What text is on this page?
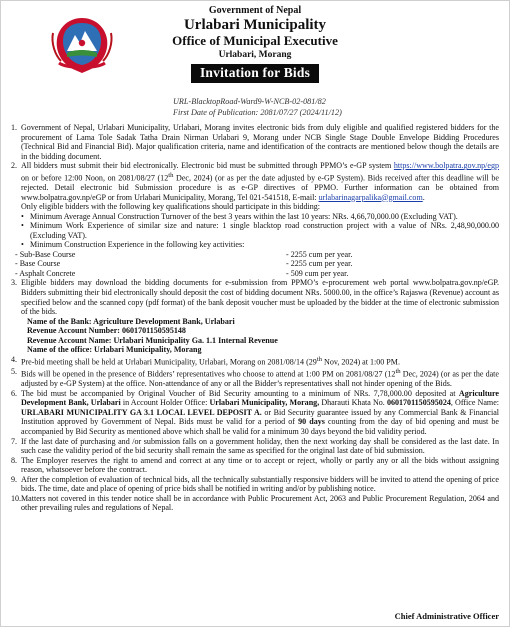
Government of Nepal
Urlabari Municipality
Office of Municipal Executive
Urlabari, Morang
Invitation for Bids
URL-BlacktopRoad-Ward9-W-NCB-02-081/82
First Date of Publication: 2081/07/27 (2024/11/12)

1. Government of Nepal, Urlabari Municipality, Urlabari, Morang invites electronic bids from duly eligible and qualified registered bidders for the procurement of Lama Tole Sadak Tatha Drain Nirman Urlabari 9, Morang under NCB Single Stage Double Envelope Bidding Procedures (Technical Bid and Financial Bid). Major qualification criteria, name and identification of the contracts are mentioned below though the details are in the bidding document.

2. All bidders must submit their bid electronically. Electronic bid must be submitted through PPMO’s e-GP system https://www.bolpatra.gov.np/egp on or before 12:00 Noon, on 2081/08/27 (12th Dec, 2024) (or as per the date adjusted by e-GP System). Bids received after this deadline will be rejected. Detail electronic bid Submission procedure is as e-GP directives of PPMO. Further information can be obtained from www.bolpatra.gov.np/eGP or from Urlabari Municipality, Morang, Tel 021-541518, E-mail: urlabarinagarpalika@gmail.com.

Only eligible bidders with the following key qualifications should participate in this bidding:

• Minimum Average Annual Construction Turnover of the best 3 years within the last 10 years: NRs. 4,66,70,000.00 (Excluding VAT).

• Minimum Work Experience of similar size and nature: 1 single blacktop road construction project with a value of NRs. 2,48,90,000.00 (Excluding VAT).

• Minimum Construction Experience in the following key activities:

- Sub-Base Course	- 2255 cum per year.
- Base Course	- 2255 cum per year.
- Asphalt Concrete	- 509 cum per year.

3. Eligible bidders may download the bidding documents for e-submission from PPMO’s e-procurement web portal www.bolpatra.gov.np/eGP. Bidders submitting their bid electronically should deposit the cost of bidding document NRs. 5000.00, in the office’s Rajaswa (Revenue) account as specified below and the scanned copy (pdf format) of the bank deposit voucher must be uploaded by the bidder at the time of electronic submission of the bids.

Name of the Bank: Agriculture Development Bank, Urlabari

Revenue Account Number: 0601701150595148

Revenue Account Name: Urlabari Municipality Ga. 1.1 Internal Revenue

Name of the office: Urlabari Municipality, Morang

4. Pre-bid meeting shall be held at Urlabari Municipality, Urlabari, Morang on 2081/08/14 (29th Nov, 2024) at 1:00 PM.

5. Bids will be opened in the presence of Bidders’ representatives who choose to attend at 1:00 PM on 2081/08/27 (12th Dec, 2024) (or as per the date adjusted by e-GP System) at the office. Non-attendance of any or all the Bidder’s representatives shall not hinder opening of the Bids.

6. The bid must be accompanied by Original Voucher of Bid Security amounting to a minimum of NRs. 7,78,000.00 deposited at Agriculture Development Bank, Urlabari in Account Holder Office: Urlabari Municipality, Morang, Dharauti Khata No. 0601701150595024, Office Name: URLABARI MUNICIPALITY GA 3.1 LOCAL LEVEL DEPOSIT A. or Bid Security guarantee issued by any Commercial Bank & Financial Institution approved by Government of Nepal. Bids must be valid for a period of 90 days counting from the day of bid opening and must be accompanied by Bid Security as mentioned above which shall be valid for a minimum 30 days beyond the bid validity period.

7. If the last date of purchasing and /or submission falls on a government holiday, then the next working day shall be considered as the last date. In such case the validity period of the bid security shall remain the same as specified for the original last date of bid submission.

8. The Employer reserves the right to amend and correct at any time or to accept or reject, wholly or partly any or all the bids without assigning reason, whatsoever before the contract.

9. After the completion of evaluation of technical bids, all the technically substantially responsive bidders will be invited to attend the opening of price bids. The time, date and place of opening of price bids shall be notified in writing and/or by publishing notice.

10. Matters not covered in this tender notice shall be in accordance with Public Procurement Act, 2063 and Public Procurement Regulation, 2064 and other prevailing rules and regulations of Nepal.

Chief Administrative Officer
